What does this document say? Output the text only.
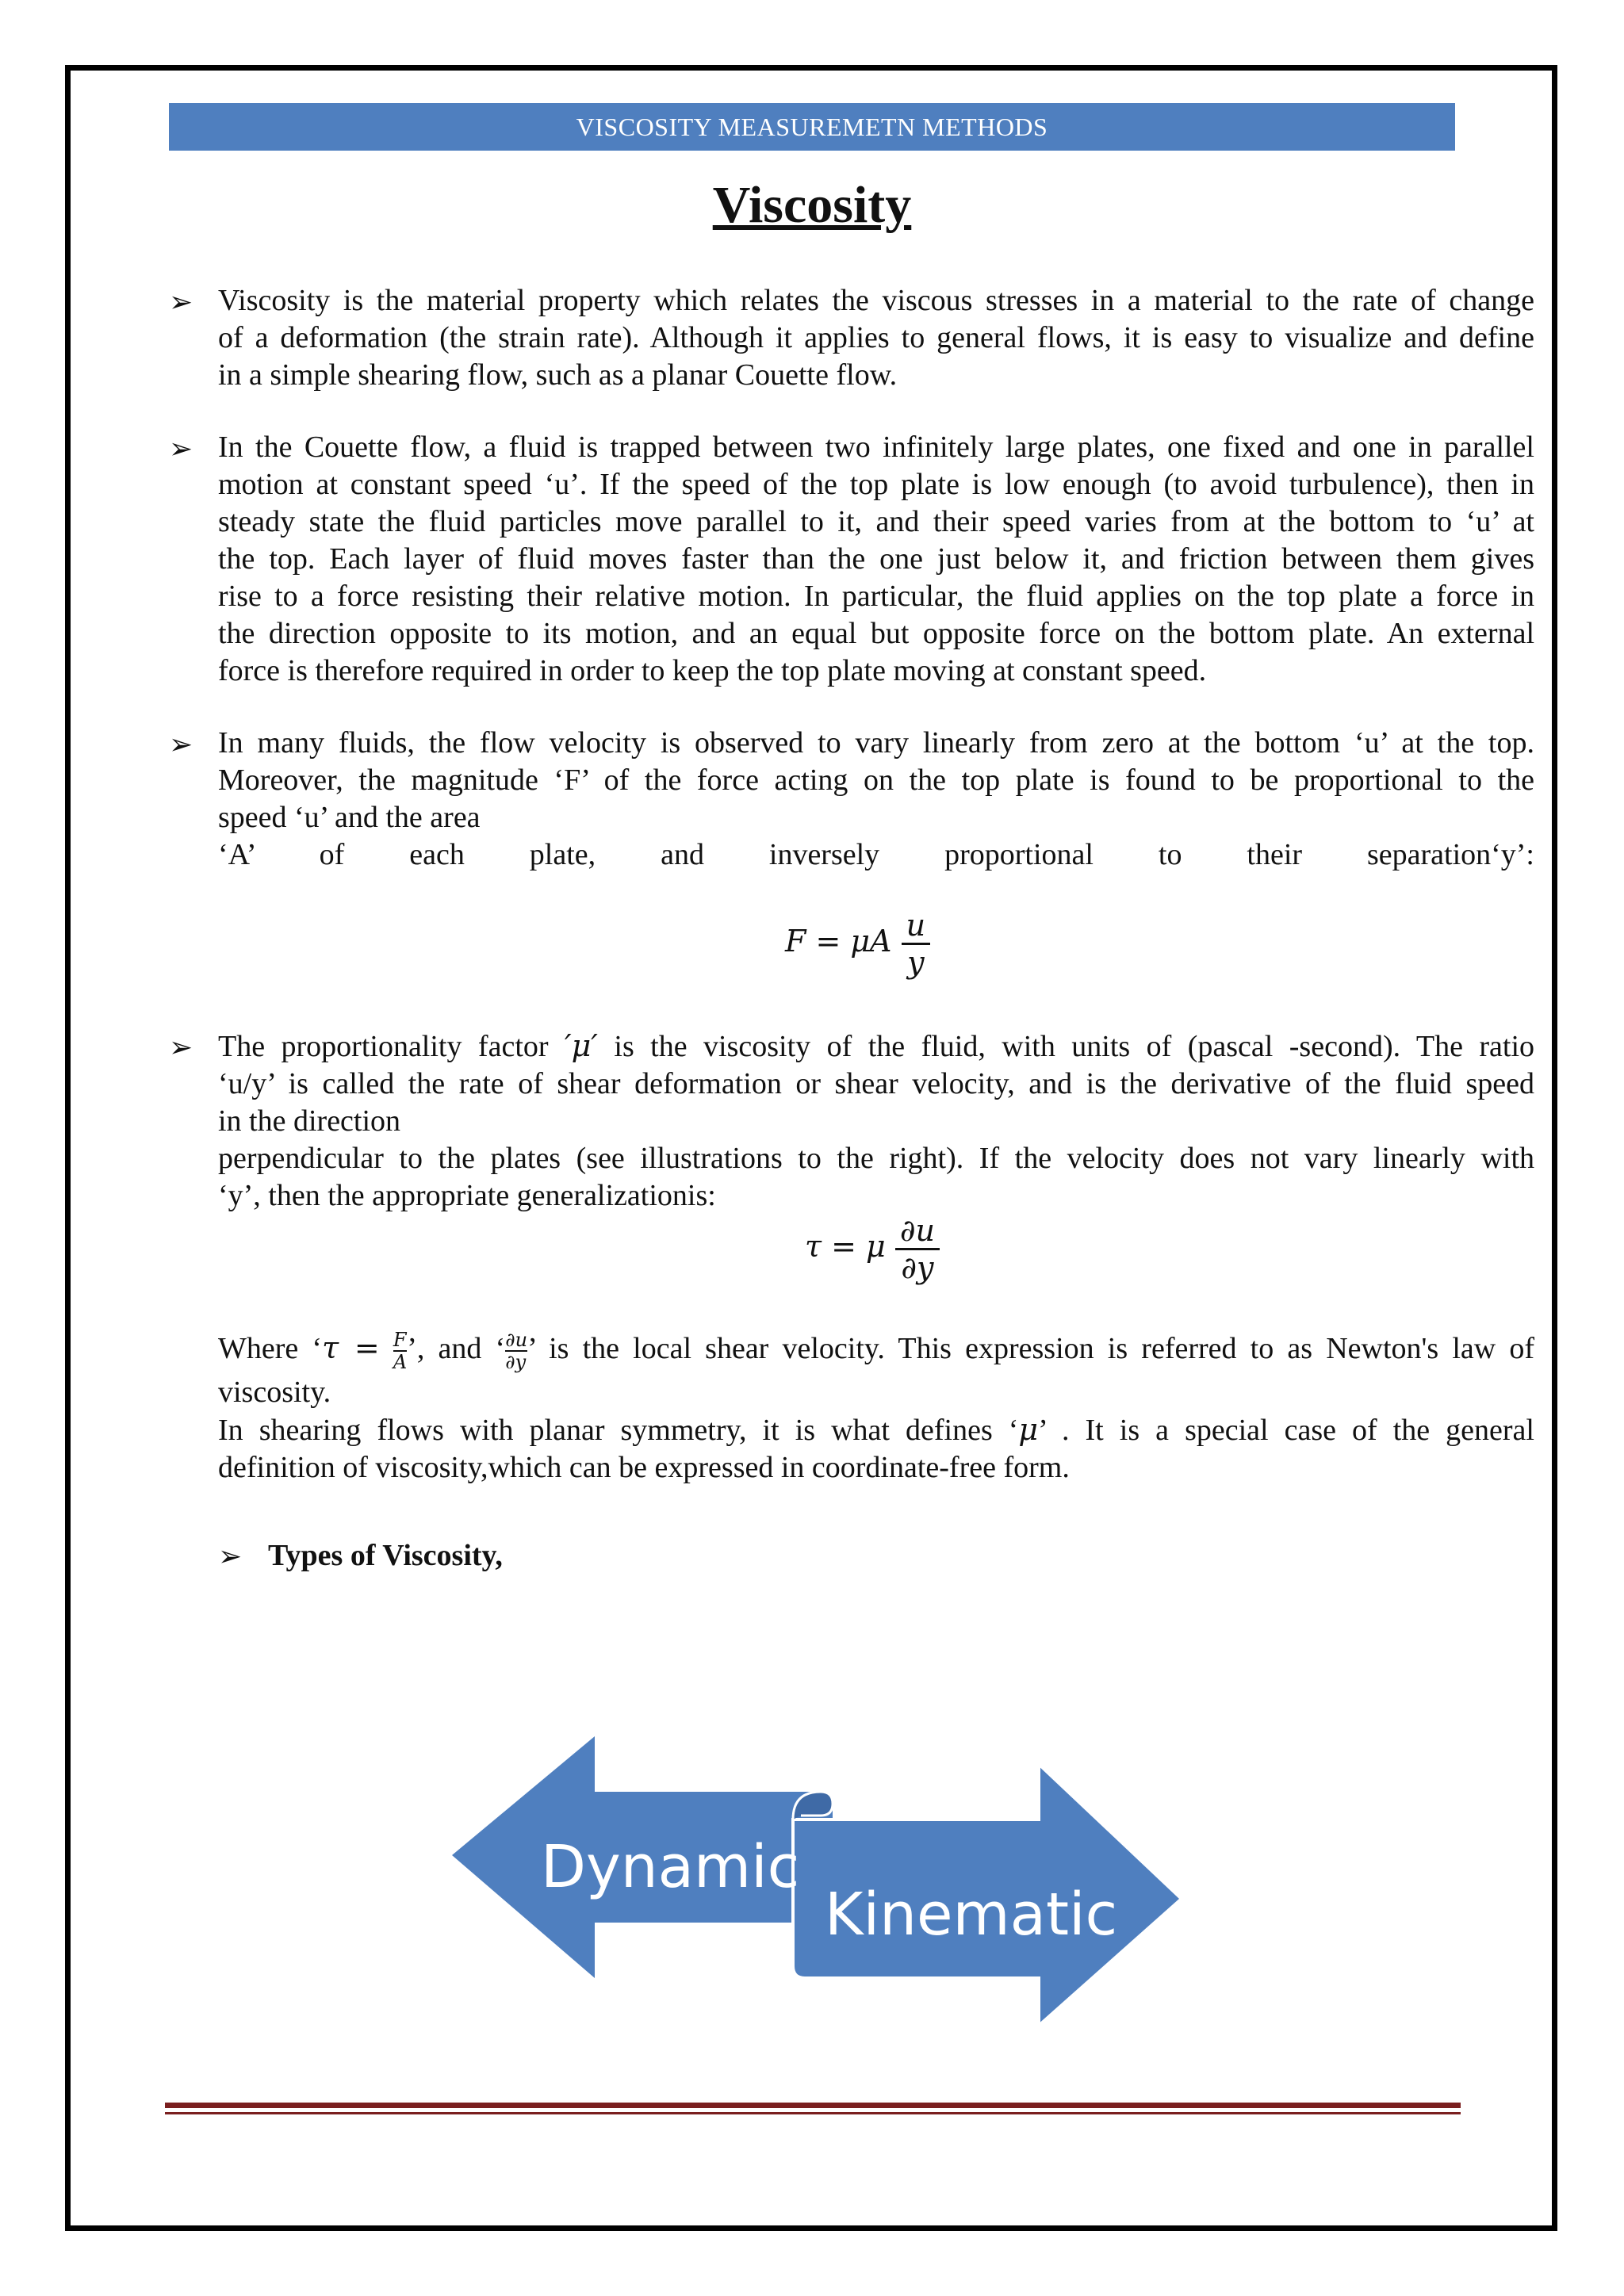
VISCOSITY MEASUREMETN METHODS
Viscosity
➢ Viscosity is the material property which relates the viscous stresses in a material to the rate of change
of a deformation (the strain rate). Although it applies to general flows, it is easy to visualize and define
in a simple shearing flow, such as a planar Couette flow.
➢ In the Couette flow, a fluid is trapped between two infinitely large plates, one fixed and one in parallel
motion at constant speed ‘u’. If the speed of the top plate is low enough (to avoid turbulence), then in
steady state the fluid particles move parallel to it, and their speed varies from at the bottom to ‘u’ at
the top. Each layer of fluid moves faster than the one just below it, and friction between them gives
rise to a force resisting their relative motion. In particular, the fluid applies on the top plate a force in
the direction opposite to its motion, and an equal but opposite force on the bottom plate. An external
force is therefore required in order to keep the top plate moving at constant speed.
➢ In many fluids, the flow velocity is observed to vary linearly from zero at the bottom ‘u’ at the top.
Moreover, the magnitude ‘F’ of the force acting on the top plate is found to be proportional to the
speed ‘u’ and the area
‘A’ of each plate, and inversely proportional to their separation‘y’:
F = μA $\frac{u}{y}$
➢ The proportionality factor ′μ′ is the viscosity of the fluid, with units of (pascal -second). The ratio
‘u/y’ is called the rate of shear deformation or shear velocity, and is the derivative of the fluid speed
in the direction
perpendicular to the plates (see illustrations to the right). If the velocity does not vary linearly with
‘y’, then the appropriate generalizationis:
τ = μ $\frac{\partial u}{\partial y}$
Where ‘$\tau = \frac{F}{A}$ ’, and ‘ $\frac{\partial u}{\partial y}$ ’ is the local shear velocity. This expression is referred to as Newton's law of
viscosity.
In shearing flows with planar symmetry, it is what defines ‘μ’ . It is a special case of the general
definition of viscosity,which can be expressed in coordinate-free form.
➢ Types of Viscosity,
Dynamic
Kinematic
